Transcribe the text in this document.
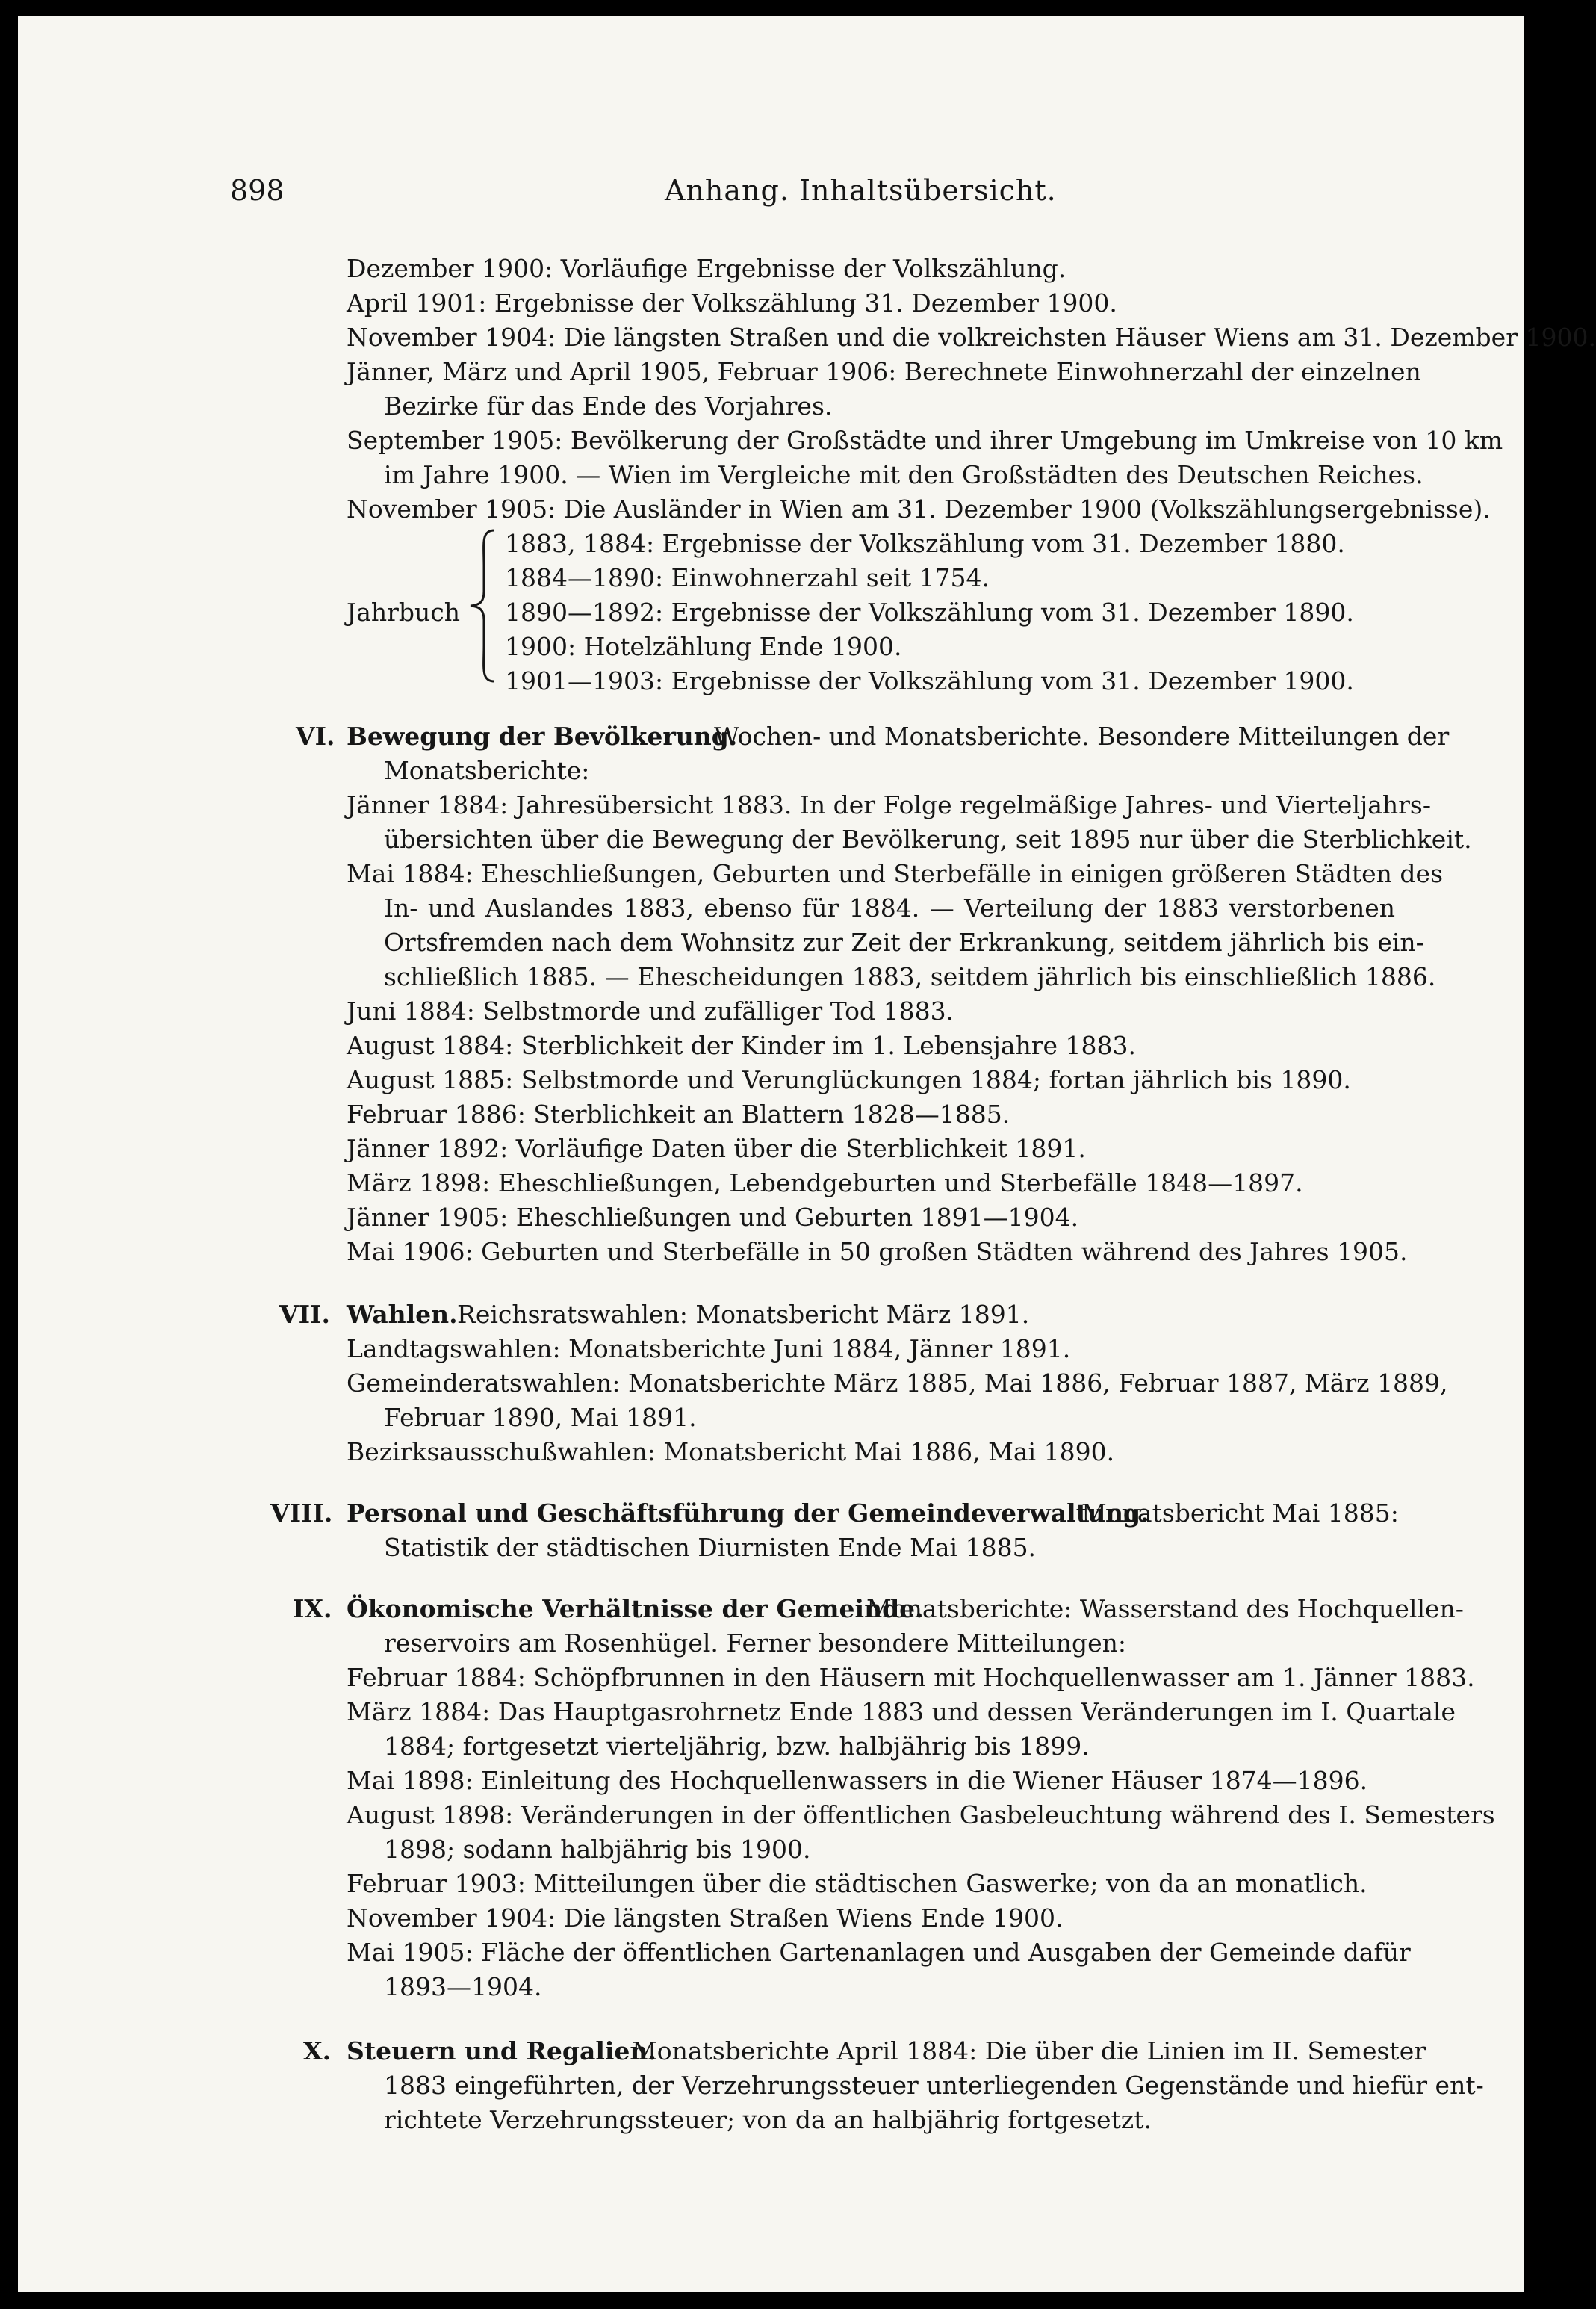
898	Anhang. Inhaltsübersicht.
Dezember 1900: Vorläufige Ergebnisse der Volkszählung.
April 1901: Ergebnisse der Volkszählung 31. Dezember 1900.
November 1904: Die längsten Straßen und die volkreichsten Häuser Wiens am 31. Dezember 1900.
Jänner, März und April 1905, Februar 1906: Berechnete Einwohnerzahl der einzelnen
Bezirke für das Ende des Vorjahres.
September 1905: Bevölkerung der Großstädte und ihrer Umgebung im Umkreise von 10 km
im Jahre 1900. — Wien im Vergleiche mit den Großstädten des Deutschen Reiches.
November 1905: Die Ausländer in Wien am 31. Dezember 1900 (Volkszählungsergebnisse).
Jahrbuch
1883, 1884: Ergebnisse der Volkszählung vom 31. Dezember 1880.
1884—1890: Einwohnerzahl seit 1754.
1890—1892: Ergebnisse der Volkszählung vom 31. Dezember 1890.
1900: Hotelzählung Ende 1900.
1901—1903: Ergebnisse der Volkszählung vom 31. Dezember 1900.
VI. Bewegung der Bevölkerung.
Wochen- und Monatsberichte. Besondere Mitteilungen der
Monatsberichte:
Jänner 1884: Jahresübersicht 1883. In der Folge regelmäßige Jahres- und Vierteljahrs-
übersichten über die Bewegung der Bevölkerung, seit 1895 nur über die Sterblichkeit.
Mai 1884: Eheschließungen, Geburten und Sterbefälle in einigen größeren Städten des
In- und Auslandes 1883, ebenso für 1884. — Verteilung der 1883 verstorbenen
Ortsfremden nach dem Wohnsitz zur Zeit der Erkrankung, seitdem jährlich bis ein-
schließlich 1885. — Ehescheidungen 1883, seitdem jährlich bis einschließlich 1886.
Juni 1884: Selbstmorde und zufälliger Tod 1883.
August 1884: Sterblichkeit der Kinder im 1. Lebensjahre 1883.
August 1885: Selbstmorde und Verunglückungen 1884; fortan jährlich bis 1890.
Februar 1886: Sterblichkeit an Blattern 1828—1885.
Jänner 1892: Vorläufige Daten über die Sterblichkeit 1891.
März 1898: Eheschließungen, Lebendgeburten und Sterbefälle 1848—1897.
Jänner 1905: Eheschließungen und Geburten 1891—1904.
Mai 1906: Geburten und Sterbefälle in 50 großen Städten während des Jahres 1905.
VII. Wahlen. Reichsratswahlen: Monatsbericht März 1891.
Landtagswahlen: Monatsberichte Juni 1884, Jänner 1891.
Gemeinderatswahlen: Monatsberichte März 1885, Mai 1886, Februar 1887, März 1889,
Februar 1890, Mai 1891.
Bezirksausschußwahlen: Monatsbericht Mai 1886, Mai 1890.
VIII. Personal und Geschäftsführung der Gemeindeverwaltung.
Monatsbericht Mai 1885:
Statistik der städtischen Diurnisten Ende Mai 1885.
IX. Ökonomische Verhältnisse der Gemeinde.
Monatsberichte: Wasserstand des Hochquellen-
reservoirs am Rosenhügel. Ferner besondere Mitteilungen:
Februar 1884: Schöpfbrunnen in den Häusern mit Hochquellenwasser am 1. Jänner 1883.
März 1884: Das Hauptgasrohrnetz Ende 1883 und dessen Veränderungen im I. Quartale
1884; fortgesetzt vierteljährig, bzw. halbjährig bis 1899.
Mai 1898: Einleitung des Hochquellenwassers in die Wiener Häuser 1874—1896.
August 1898: Veränderungen in der öffentlichen Gasbeleuchtung während des I. Semesters
1898; sodann halbjährig bis 1900.
Februar 1903: Mitteilungen über die städtischen Gaswerke; von da an monatlich.
November 1904: Die längsten Straßen Wiens Ende 1900.
Mai 1905: Fläche der öffentlichen Gartenanlagen und Ausgaben der Gemeinde dafür
1893—1904.
X. Steuern und Regalien.
Monatsberichte April 1884: Die über die Linien im II. Semester
1883 eingeführten, der Verzehrungssteuer unterliegenden Gegenstände und hiefür ent-
richtete Verzehrungssteuer; von da an halbjährig fortgesetzt.
